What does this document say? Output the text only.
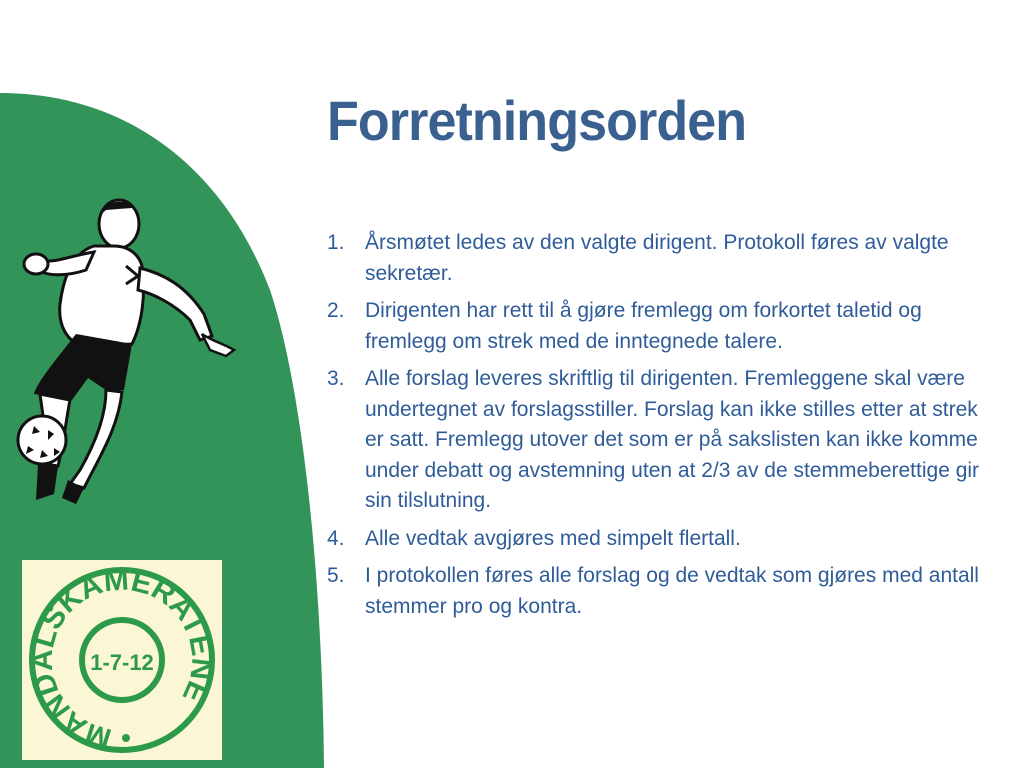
MANDALSKAMERATENE
1-7-12
Forretningsorden
1. Årsmøtet ledes av den valgte dirigent. Protokoll føres av valgte sekretær.
2. Dirigenten har rett til å gjøre fremlegg om forkortet taletid og fremlegg om strek med de inntegnede talere.
3. Alle forslag leveres skriftlig til dirigenten. Fremleggene skal være undertegnet av forslagsstiller. Forslag kan ikke stilles etter at strek er satt. Fremlegg utover det som er på sakslisten kan ikke komme under debatt og avstemning uten at 2/3 av de stemmeberettige gir sin tilslutning.
4. Alle vedtak avgjøres med simpelt flertall.
5. I protokollen føres alle forslag og de vedtak som gjøres med antall stemmer pro og kontra.
